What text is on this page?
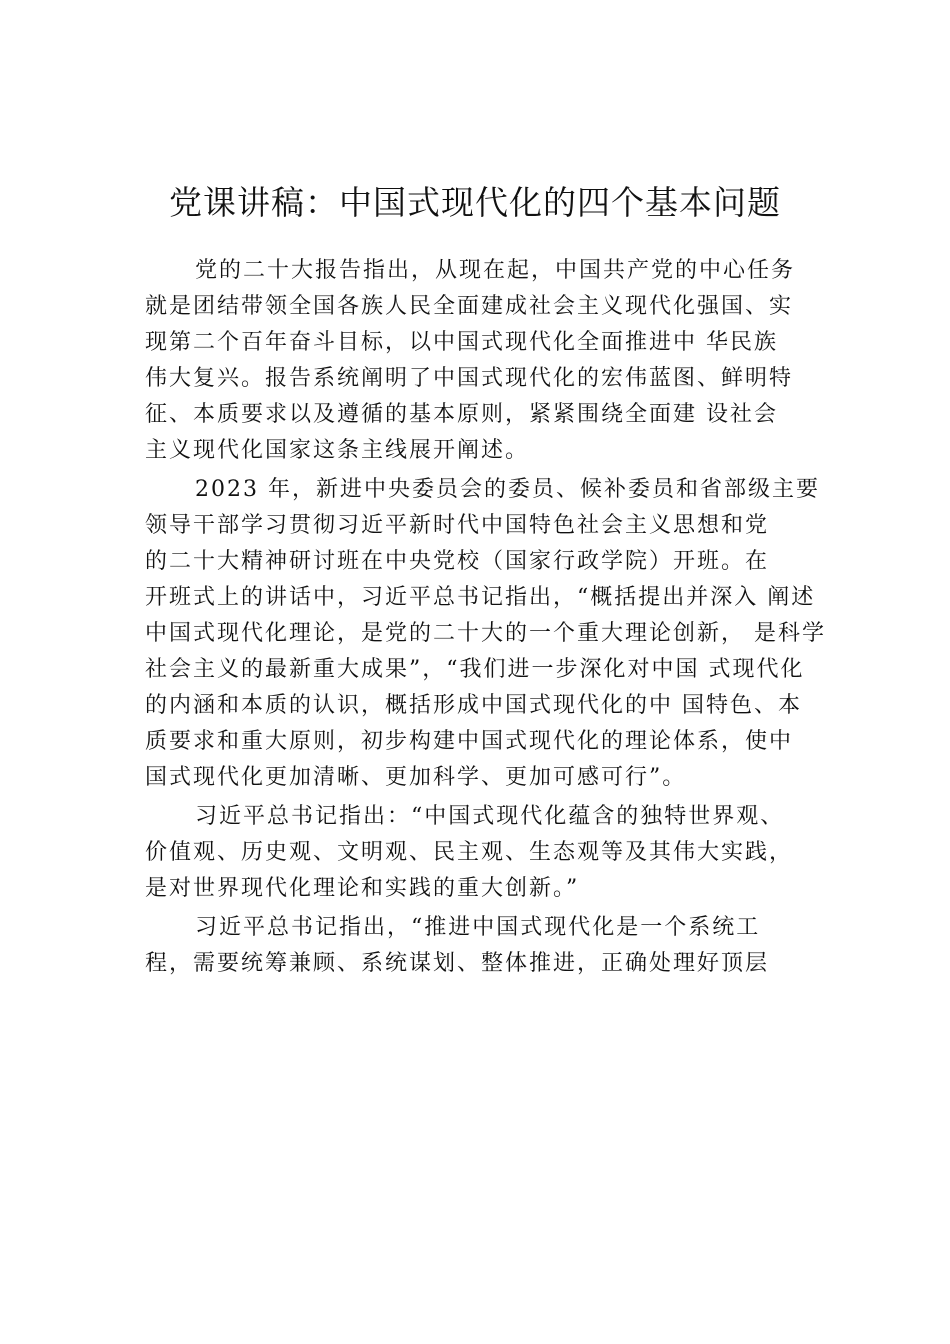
党课讲稿：中国式现代化的四个基本问题
党的二十大报告指出，从现在起，中国共产党的中心任务
就是团结带领全国各族人民全面建成社会主义现代化强国、实
现第二个百年奋斗目标，以中国式现代化全面推进中 华民族
伟大复兴。报告系统阐明了中国式现代化的宏伟蓝图、鲜明特
征、本质要求以及遵循的基本原则，紧紧围绕全面建 设社会
主义现代化国家这条主线展开阐述。
2023 年，新进中央委员会的委员、候补委员和省部级主要
领导干部学习贯彻习近平新时代中国特色社会主义思想和党
的二十大精神研讨班在中央党校（国家行政学院）开班。在
开班式上的讲话中，习近平总书记指出，“概括提出并深入 阐述
中国式现代化理论，是党的二十大的一个重大理论创新， 是科学
社会主义的最新重大成果”，“我们进一步深化对中国 式现代化
的内涵和本质的认识，概括形成中国式现代化的中 国特色、本
质要求和重大原则，初步构建中国式现代化的理论体系，使中
国式现代化更加清晰、更加科学、更加可感可行”。
习近平总书记指出：“中国式现代化蕴含的独特世界观、
价值观、历史观、文明观、民主观、生态观等及其伟大实践，
是对世界现代化理论和实践的重大创新。”
习近平总书记指出，“推进中国式现代化是一个系统工
程，需要统筹兼顾、系统谋划、整体推进，正确处理好顶层
